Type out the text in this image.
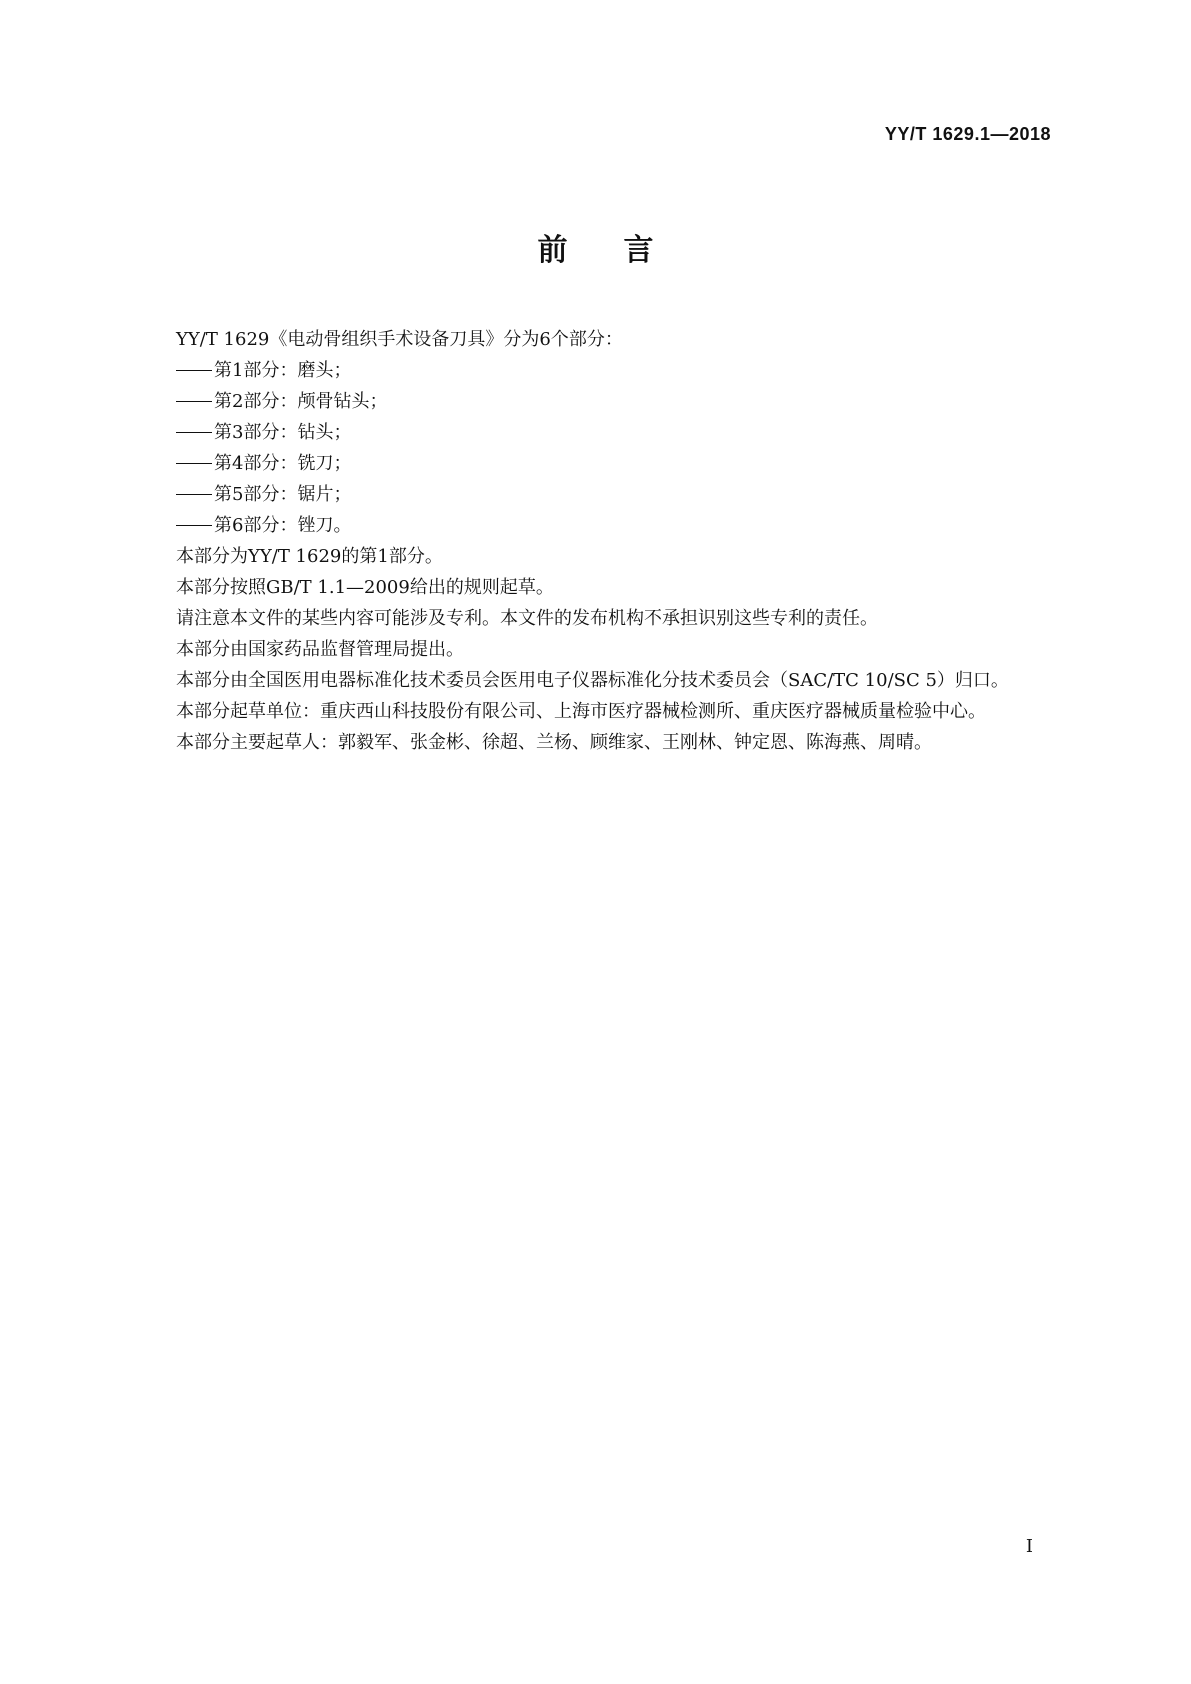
YY/T 1629.1—2018
前言

YY/T 1629《电动骨组织手术设备刀具》分为6个部分：

第1部分：磨头；

第2部分：颅骨钻头；

第3部分：钻头；

第4部分：铣刀；

第5部分：锯片；

第6部分：锉刀。

本部分为YY/T 1629的第1部分。

本部分按照GB/T 1.1—2009给出的规则起草。

请注意本文件的某些内容可能涉及专利。本文件的发布机构不承担识别这些专利的责任。

本部分由国家药品监督管理局提出。

本部分由全国医用电器标准化技术委员会医用电子仪器标准化分技术委员会（SAC/TC 10/SC 5）归口。

本部分起草单位：重庆西山科技股份有限公司、上海市医疗器械检测所、重庆医疗器械质量检验中心。

本部分主要起草人：郭毅军、张金彬、徐超、兰杨、顾维家、王刚林、钟定恩、陈海燕、周晴。

I
